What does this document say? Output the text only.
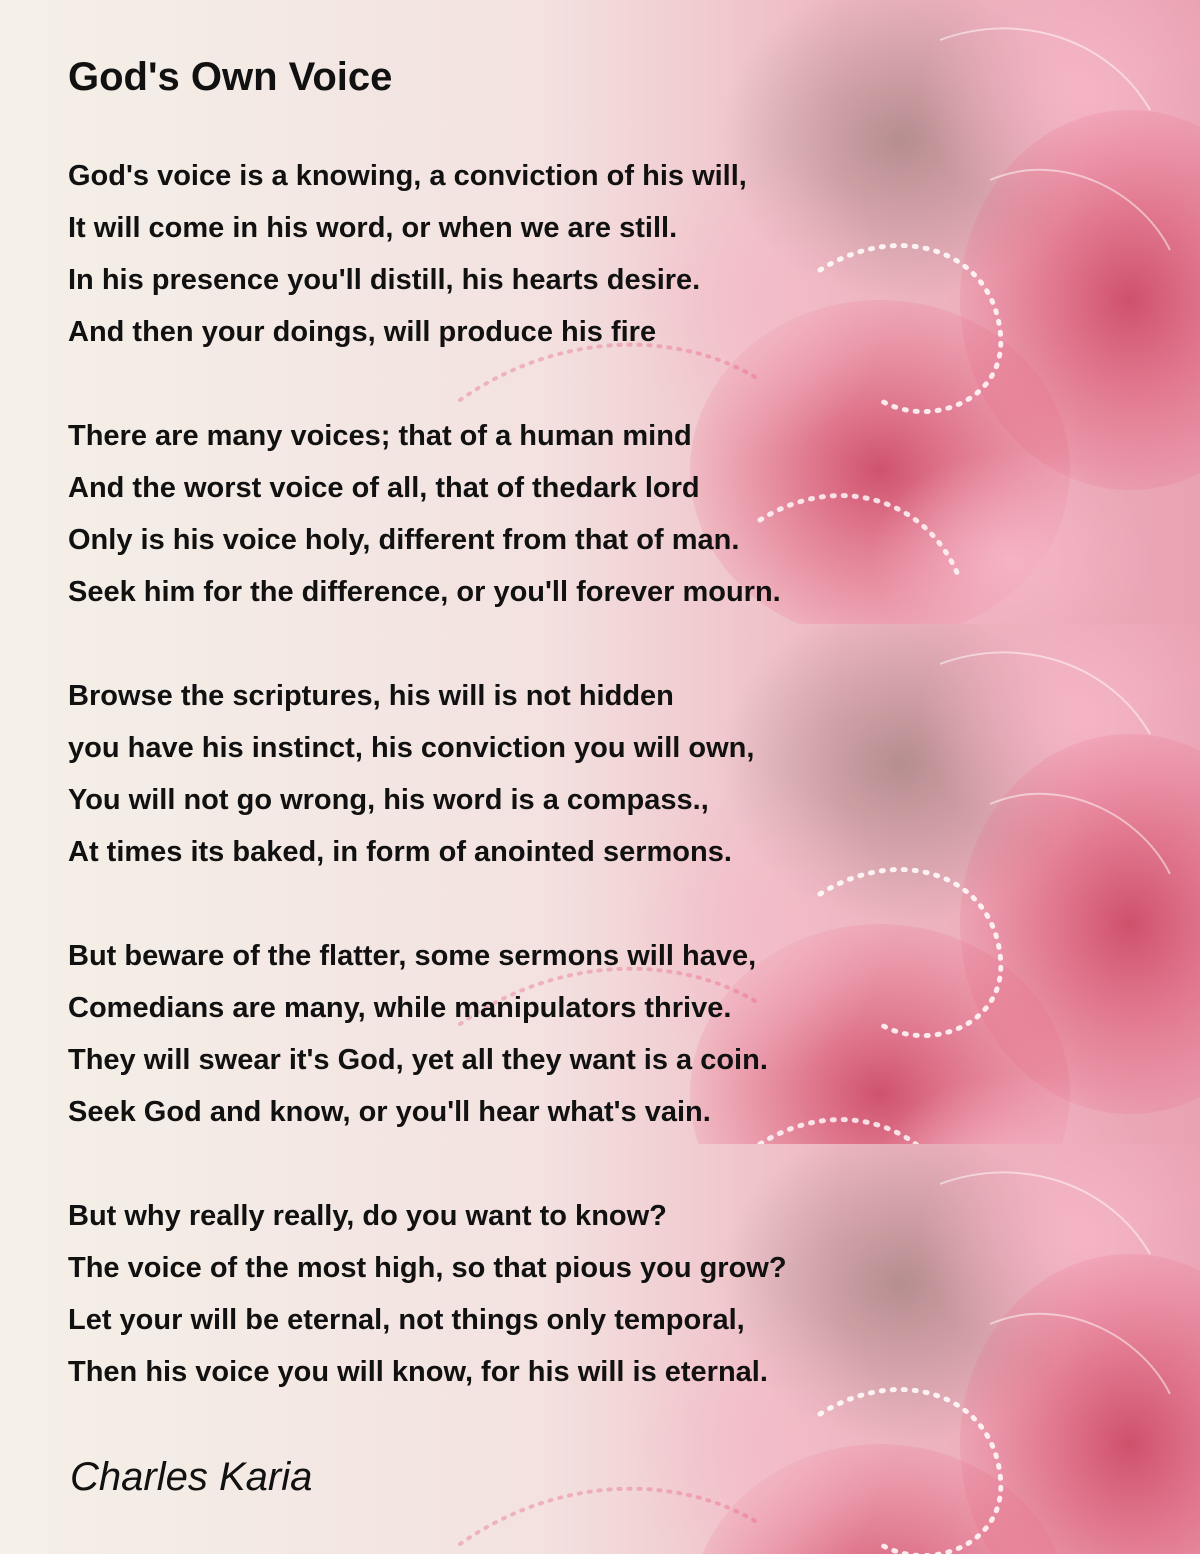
God's Own Voice
God's voice is a knowing, a conviction of his will,
It will come in his word, or when we are still.
In his presence you'll distill, his hearts desire.
And then your doings, will produce his fire
There are many voices; that of a human mind
And the worst voice of all, that of thedark lord
Only is his voice holy, different from that of man.
Seek him for the difference, or you'll forever mourn.
Browse the scriptures, his will is not hidden
you have his instinct, his conviction you will own,
You will not go wrong, his word is a compass.,
At times its baked, in form of anointed sermons.
But beware of the flatter, some sermons will have,
Comedians are many, while manipulators thrive.
They will swear it's God, yet all they want is a coin.
Seek God and know, or you'll hear what's vain.
But why really really, do you want to know?
The voice of the most high, so that pious you grow?
Let your will be eternal, not things only temporal,
Then his voice you will know, for his will is eternal.

Charles Karia
